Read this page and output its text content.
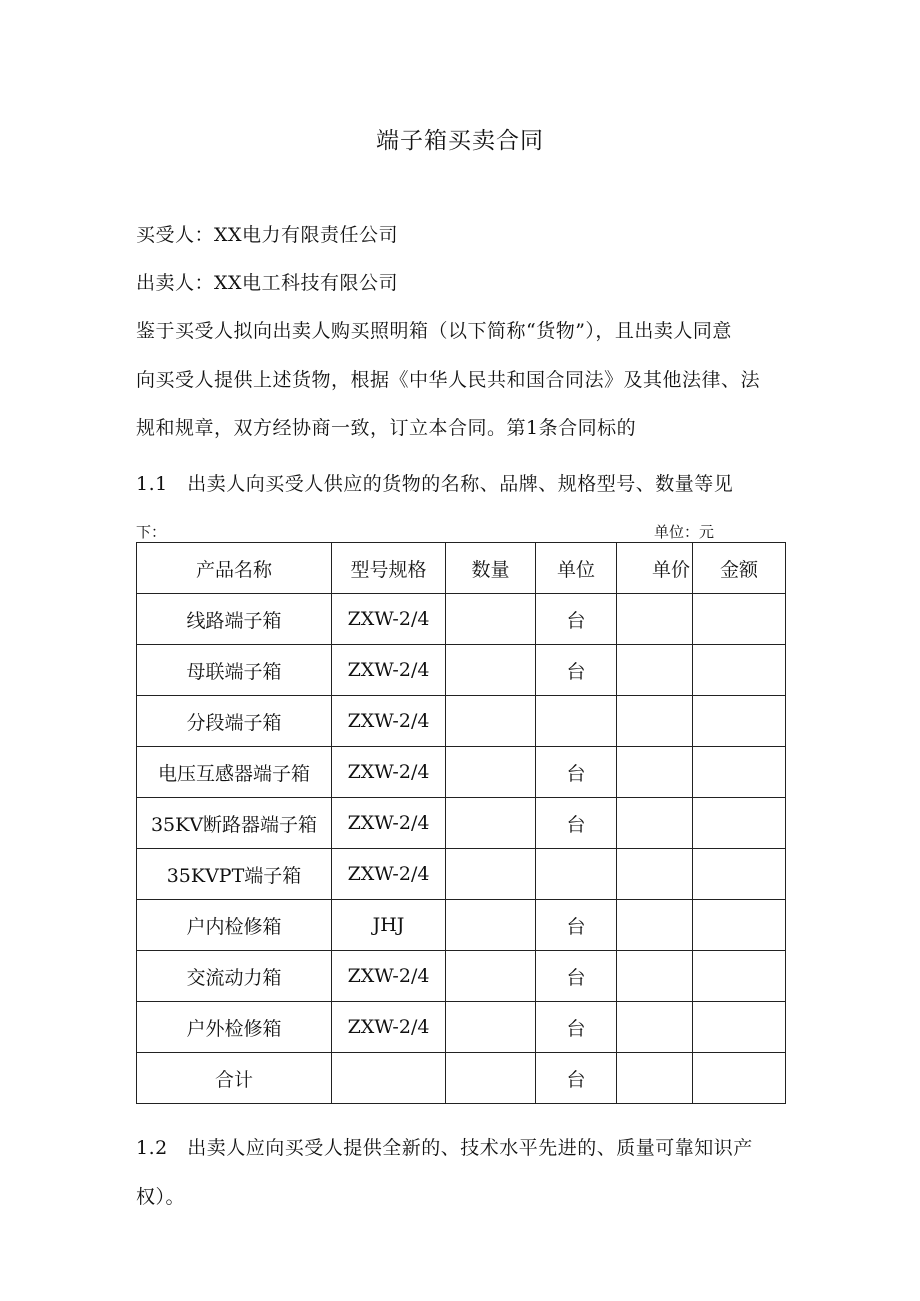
端子箱买卖合同
买受人：XX电力有限责任公司
出卖人：XX电工科技有限公司
鉴于买受人拟向出卖人购买照明箱（以下简称“货物”），且出卖人同意
向买受人提供上述货物，根据《中华人民共和国合同法》及其他法律、法
规和规章，双方经协商一致，订立本合同。第1条合同标的
1.1　出卖人向买受人供应的货物的名称、品牌、规格型号、数量等见
下：	单位：元
产品名称	型号规格	数量	单位	单价	金额
线路端子箱	ZXW-2/4		台		
母联端子箱	ZXW-2/4		台		
分段端子箱	ZXW-2/4				
电压互感器端子箱	ZXW-2/4		台		
35KV断路器端子箱	ZXW-2/4		台		
35KVPT端子箱	ZXW-2/4				
户内检修箱	JHJ		台		
交流动力箱	ZXW-2/4		台		
户外检修箱	ZXW-2/4		台		
合计			台		
1.2　出卖人应向买受人提供全新的、技术水平先进的、质量可靠知识产
权）。
